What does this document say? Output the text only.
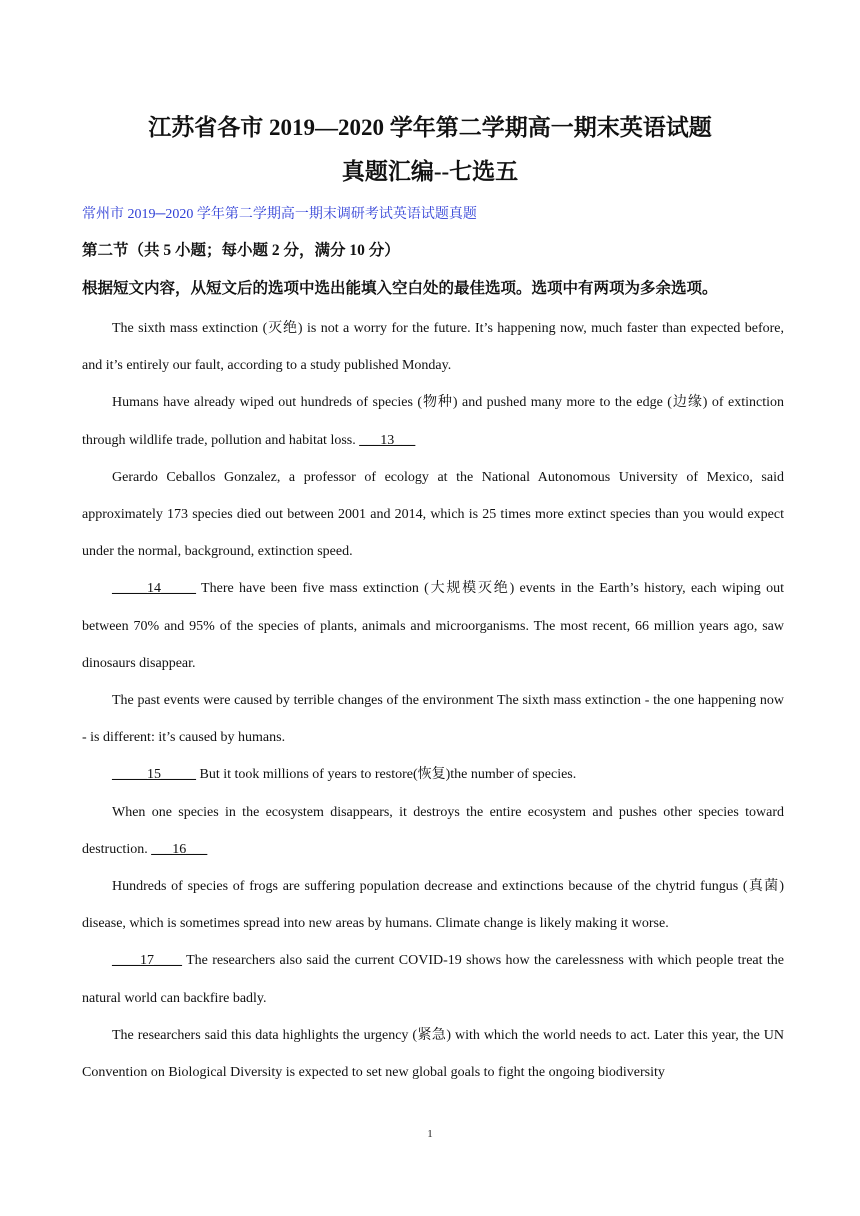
江苏省各市 2019—2020 学年第二学期高一期末英语试题
真题汇编--七选五
常州市 2019─2020 学年第二学期高一期末调研考试英语试题真题
第二节（共 5 小题；每小题 2 分，满分 10 分）
根据短文内容，从短文后的选项中选出能填入空白处的最佳选项。选项中有两项为多余选项。

The sixth mass extinction (灭绝) is not a worry for the future. It’s happening now, much faster than expected before, and it’s entirely our fault, according to a study published Monday.

Humans have already wiped out hundreds of species (物种) and pushed many more to the edge (边缘) of extinction through wildlife trade, pollution and habitat loss. ___13___

Gerardo Ceballos Gonzalez, a professor of ecology at the National Autonomous University of Mexico, said approximately 173 species died out between 2001 and 2014, which is 25 times more extinct species than you would expect under the normal, background, extinction speed.

_____14_____ There have been five mass extinction (大规模灭绝) events in the Earth’s history, each wiping out between 70% and 95% of the species of plants, animals and microorganisms. The most recent, 66 million years ago, saw dinosaurs disappear.

The past events were caused by terrible changes of the environment The sixth mass extinction - the one happening now - is different: it’s caused by humans.

_____15_____ But it took millions of years to restore(恢复)the number of species.

When one species in the ecosystem disappears, it destroys the entire ecosystem and pushes other species toward destruction. ___16___

Hundreds of species of frogs are suffering population decrease and extinctions because of the chytrid fungus (真菌) disease, which is sometimes spread into new areas by humans. Climate change is likely making it worse.

____17____ The researchers also said the current COVID-19 shows how the carelessness with which people treat the natural world can backfire badly.

The researchers said this data highlights the urgency (紧急) with which the world needs to act. Later this year, the UN Convention on Biological Diversity is expected to set new global goals to fight the ongoing biodiversity

1
